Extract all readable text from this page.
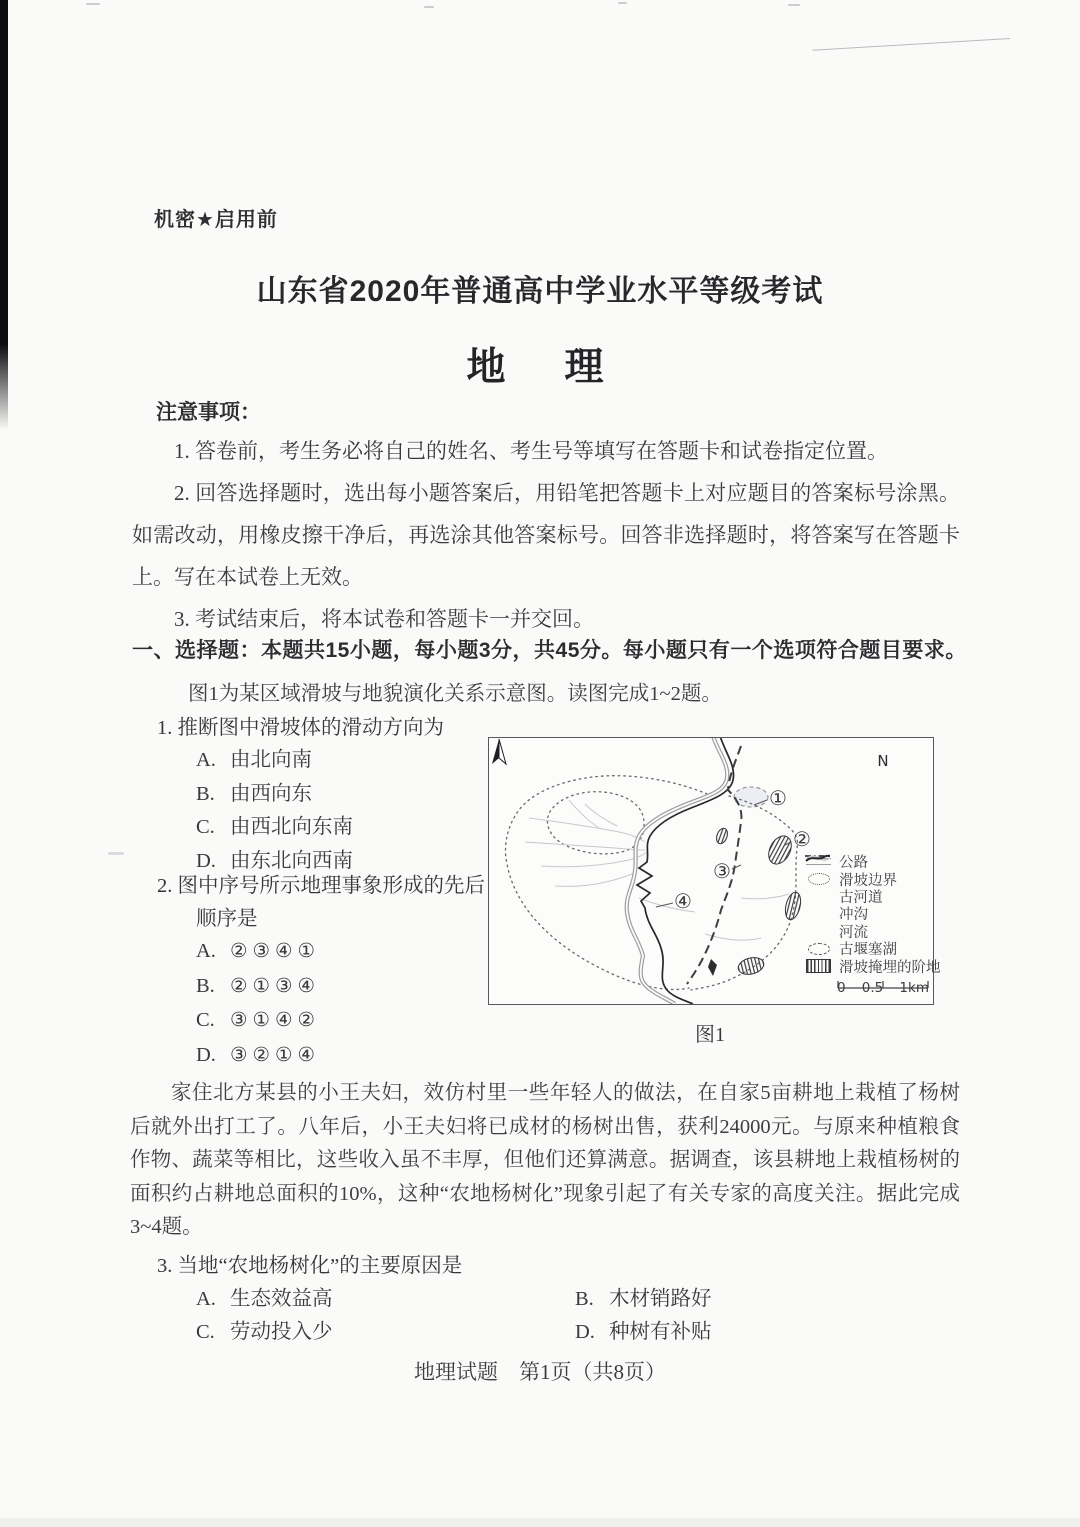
机密★启用前
山东省2020年普通高中学业水平等级考试
地　理
注意事项：

1. 答卷前，考生务必将自己的姓名、考生号等填写在答题卡和试卷指定位置。

2. 回答选择题时，选出每小题答案后，用铅笔把答题卡上对应题目的答案标号涂黑。如需改动，用橡皮擦干净后，再选涂其他答案标号。回答非选择题时，将答案写在答题卡上。写在本试卷上无效。

3. 考试结束后，将本试卷和答题卡一并交回。

一、选择题：本题共15小题，每小题3分，共45分。每小题只有一个选项符合题目要求。
图1为某区域滑坡与地貌演化关系示意图。读图完成1~2题。
1. 推断图中滑坡体的滑动方向为
A. 由北向南
B. 由西向东
C. 由西北向东南
D. 由东北向西南
2. 图中序号所示地理事象形成的先后
顺序是
A. ②③④①
B. ②①③④
C. ③①④②
D. ③②①④
N
①
②
③
④
公路
滑坡边界
古河道
冲沟
河流
古堰塞湖
滑坡掩埋的阶地
0 0.5 1km
图1
家住北方某县的小王夫妇，效仿村里一些年轻人的做法，在自家5亩耕地上栽植了杨树后就外出打工了。八年后，小王夫妇将已成材的杨树出售，获利24000元。与原来种植粮食作物、蔬菜等相比，这些收入虽不丰厚，但他们还算满意。据调查，该县耕地上栽植杨树的面积约占耕地总面积的10%，这种“农地杨树化”现象引起了有关专家的高度关注。据此完成3~4题。
3. 当地“农地杨树化”的主要原因是
A. 生态效益高	B. 木材销路好
C. 劳动投入少	D. 种树有补贴
地理试题　第1页（共8页）
